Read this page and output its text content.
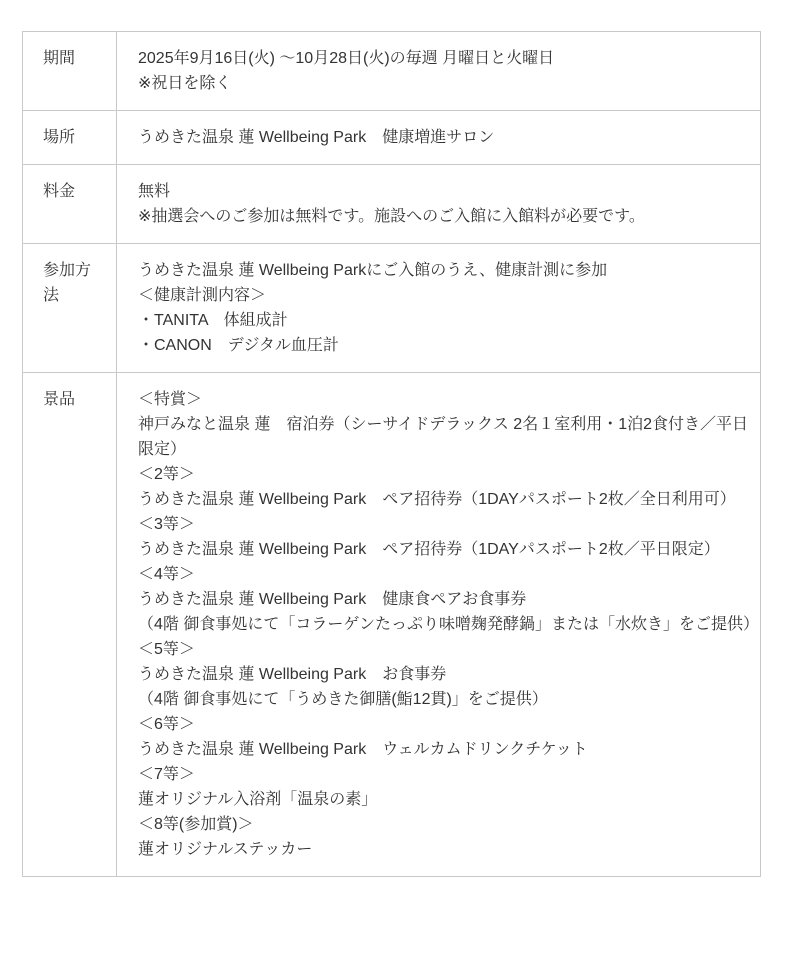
期間	2025年9月16日(火) ～10月28日(火)の毎週 月曜日と火曜日
※祝日を除く

場所	うめきた温泉 蓮 Wellbeing Park　健康増進サロン

料金	無料
※抽選会へのご参加は無料です。施設へのご入館に入館料が必要です。

参加方法	うめきた温泉 蓮 Wellbeing Parkにご入館のうえ、健康計測に参加
＜健康計測内容＞
・TANITA　体組成計
・CANON　デジタル血圧計

景品	＜特賞＞
神戸みなと温泉 蓮　宿泊券（シーサイドデラックス 2名１室利用・1泊2食付き／平日限定）
＜2等＞
うめきた温泉 蓮 Wellbeing Park　ペア招待券（1DAYパスポート2枚／全日利用可）
＜3等＞
うめきた温泉 蓮 Wellbeing Park　ペア招待券（1DAYパスポート2枚／平日限定）
＜4等＞
うめきた温泉 蓮 Wellbeing Park　健康食ペアお食事券
（4階 御食事処にて「コラーゲンたっぷり味噌麹発酵鍋」または「水炊き」をご提供）
＜5等＞
うめきた温泉 蓮 Wellbeing Park　お食事券
（4階 御食事処にて「うめきた御膳(鮨12貫)」をご提供）
＜6等＞
うめきた温泉 蓮 Wellbeing Park　ウェルカムドリンクチケット
＜7等＞
蓮オリジナル入浴剤「温泉の素」
＜8等(参加賞)＞
蓮オリジナルステッカー
